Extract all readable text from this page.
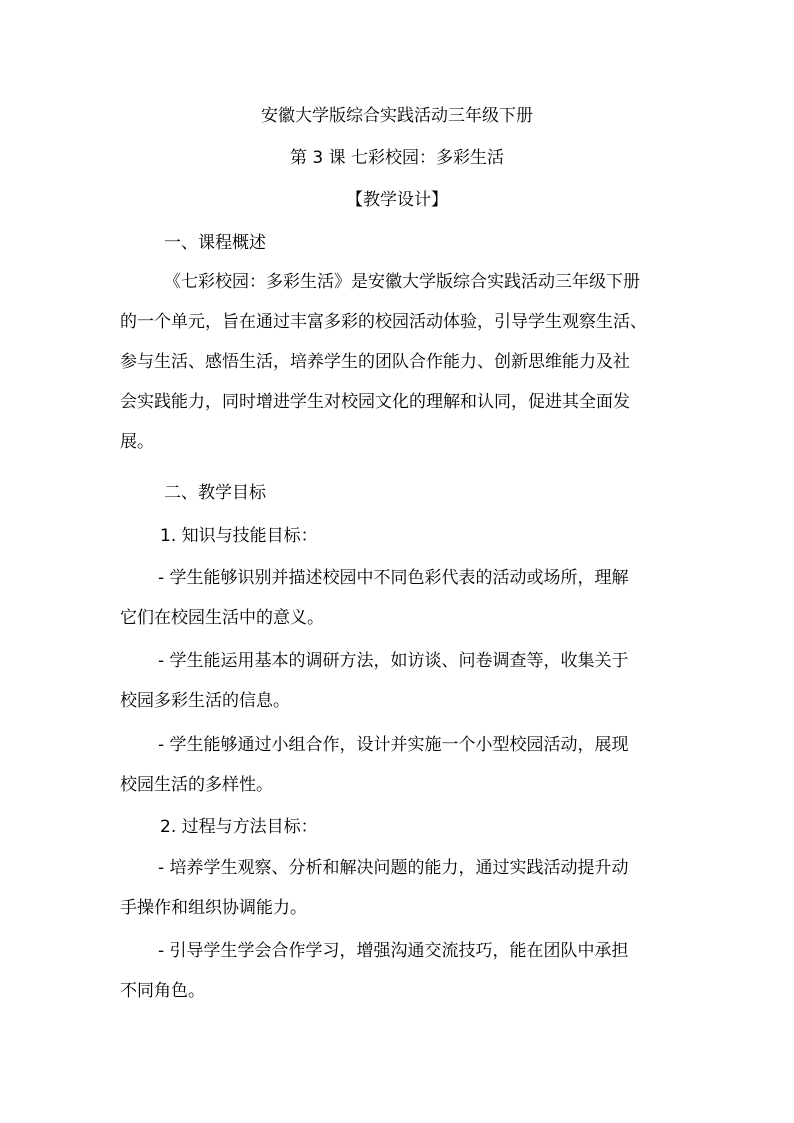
安徽大学版综合实践活动三年级下册
第 3 课 七彩校园：多彩生活
【教学设计】
一、课程概述
《七彩校园：多彩生活》是安徽大学版综合实践活动三年级下册
的一个单元，旨在通过丰富多彩的校园活动体验，引导学生观察生活、
参与生活、感悟生活，培养学生的团队合作能力、创新思维能力及社
会实践能力，同时增进学生对校园文化的理解和认同，促进其全面发
展。
二、教学目标
1. 知识与技能目标：
- 学生能够识别并描述校园中不同色彩代表的活动或场所，理解
它们在校园生活中的意义。
- 学生能运用基本的调研方法，如访谈、问卷调查等，收集关于
校园多彩生活的信息。
- 学生能够通过小组合作，设计并实施一个小型校园活动，展现
校园生活的多样性。
2. 过程与方法目标：
- 培养学生观察、分析和解决问题的能力，通过实践活动提升动
手操作和组织协调能力。
- 引导学生学会合作学习，增强沟通交流技巧，能在团队中承担
不同角色。
